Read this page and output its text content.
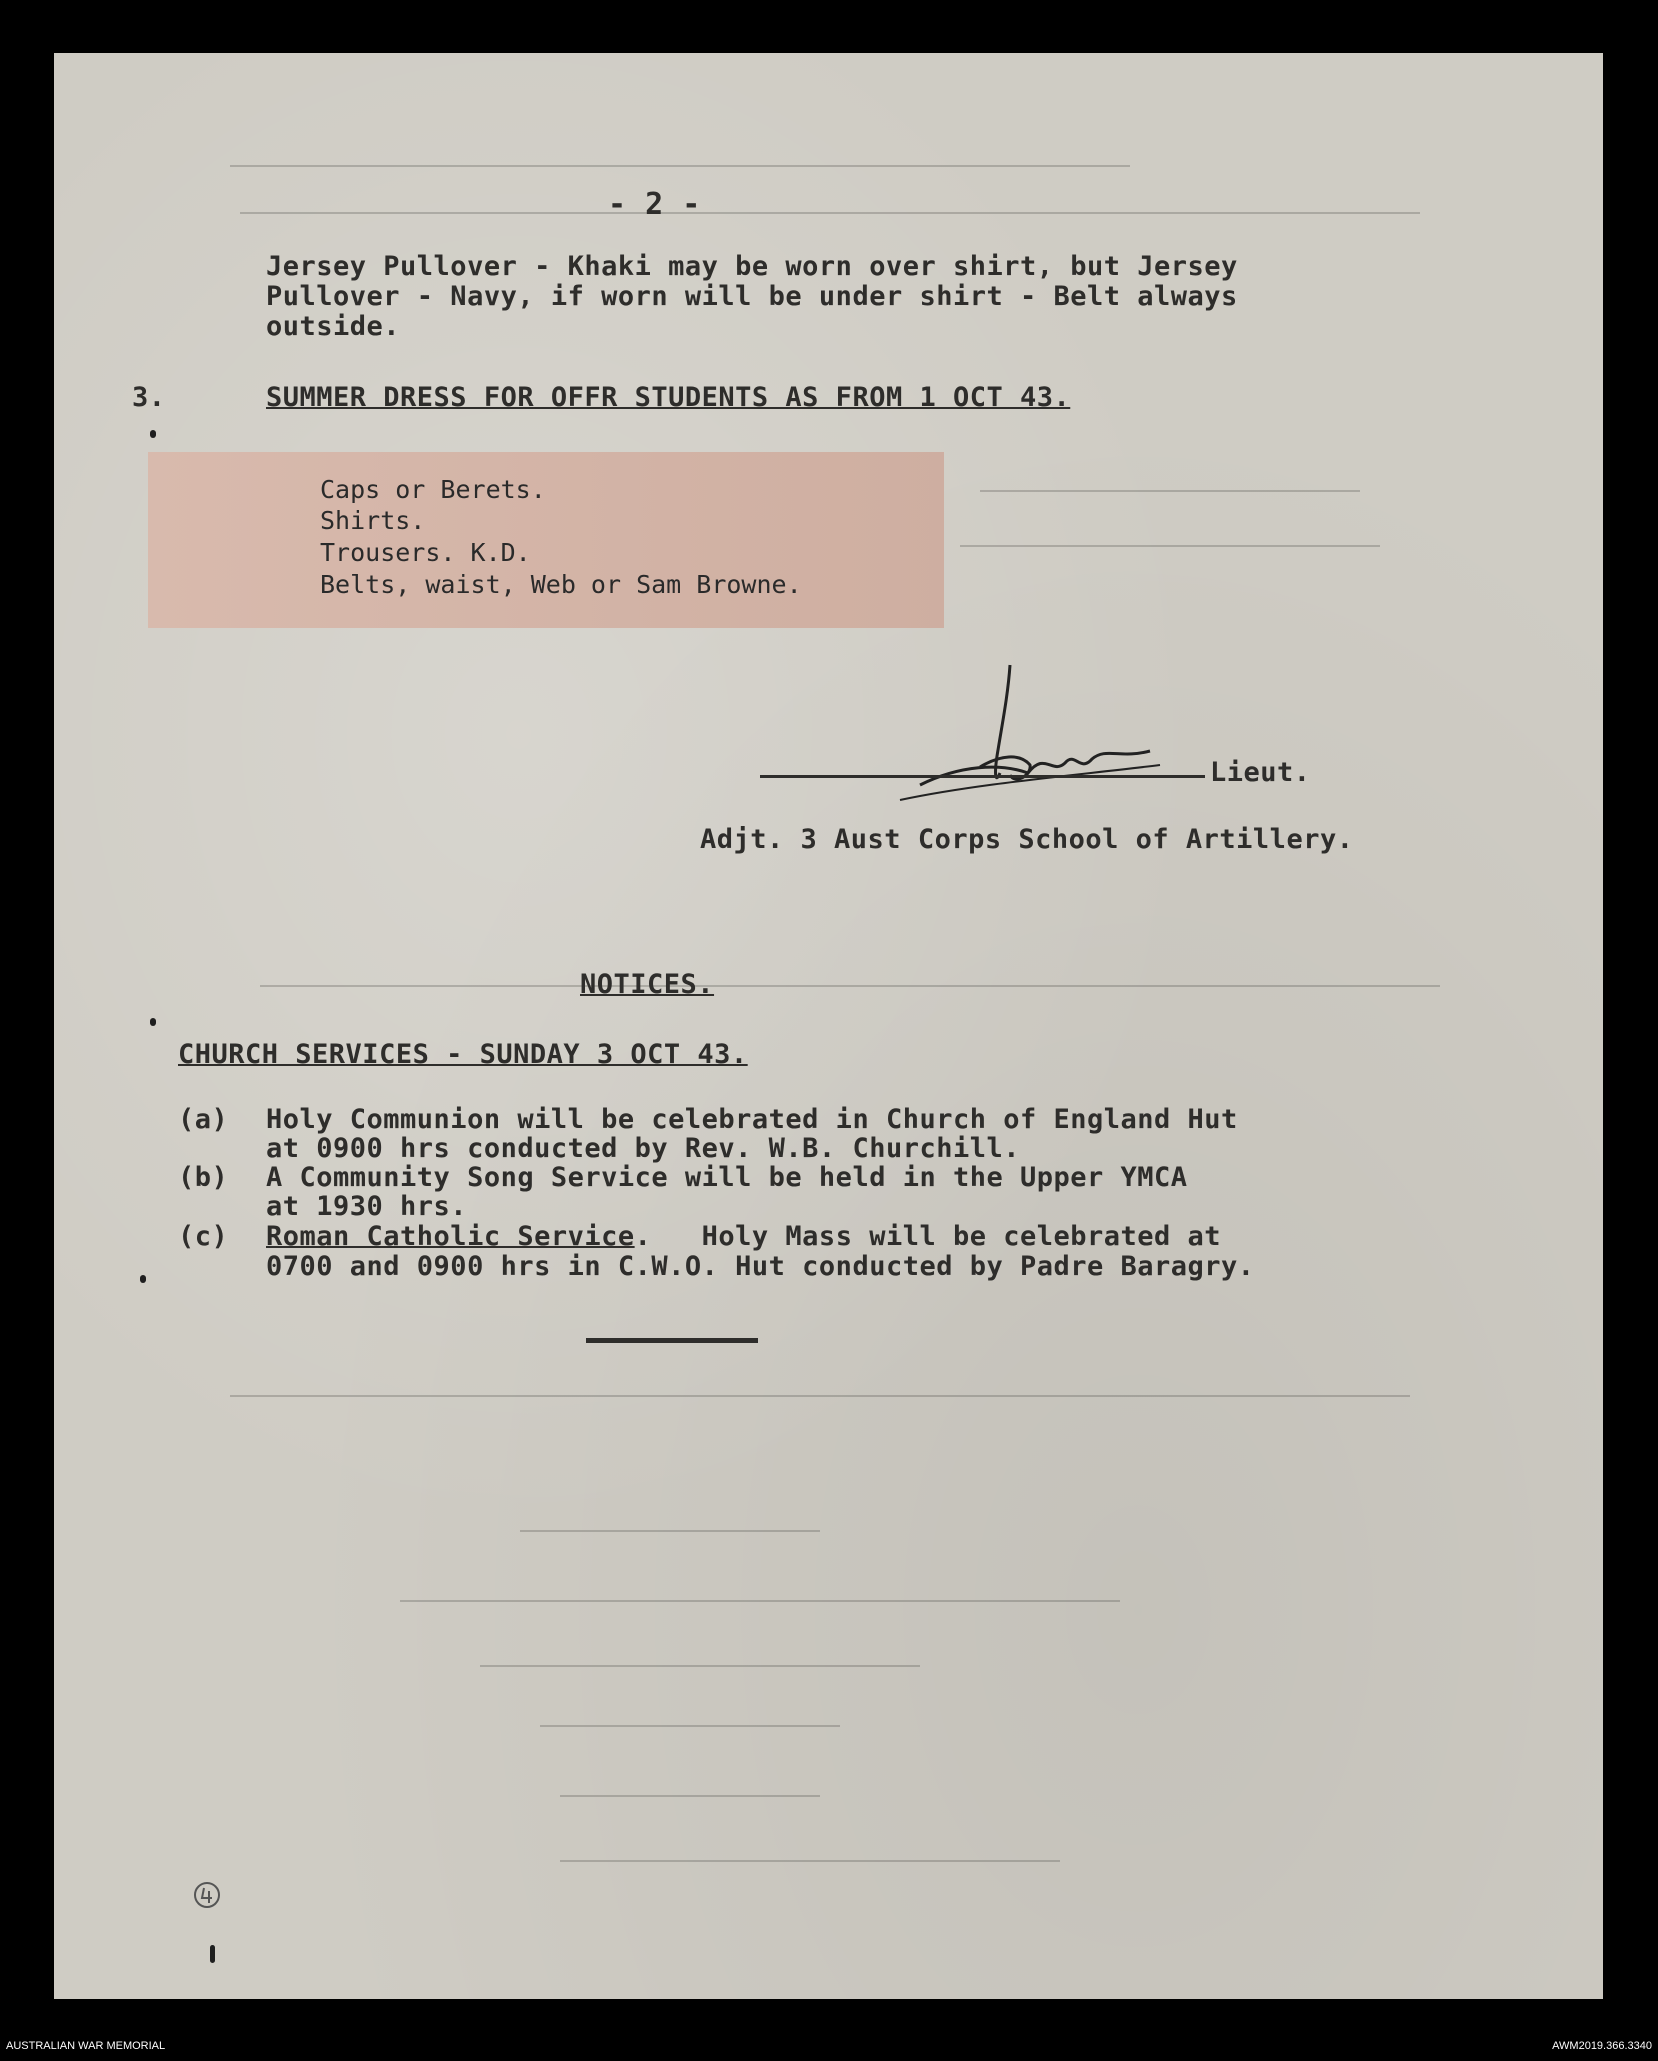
- 2 -
Jersey Pullover - Khaki may be worn over shirt, but Jersey
Pullover - Navy, if worn will be under shirt - Belt always
outside.
3.	SUMMER DRESS FOR OFFR STUDENTS AS FROM 1 OCT 43.
Caps or Berets.
Shirts.
Trousers. K.D.
Belts, waist, Web or Sam Browne.
Lieut.
Adjt. 3 Aust Corps School of Artillery.
NOTICES.
CHURCH SERVICES - SUNDAY 3 OCT 43.
(a) Holy Communion will be celebrated in Church of England Hut
at 0900 hrs conducted by Rev. W.B. Churchill.
(b) A Community Song Service will be held in the Upper YMCA
at 1930 hrs.
(c) Roman Catholic Service.   Holy Mass will be celebrated at
0700 and 0900 hrs in C.W.O. Hut conducted by Padre Baragry.
AUSTRALIAN WAR MEMORIAL	AWM2019.366.3340
